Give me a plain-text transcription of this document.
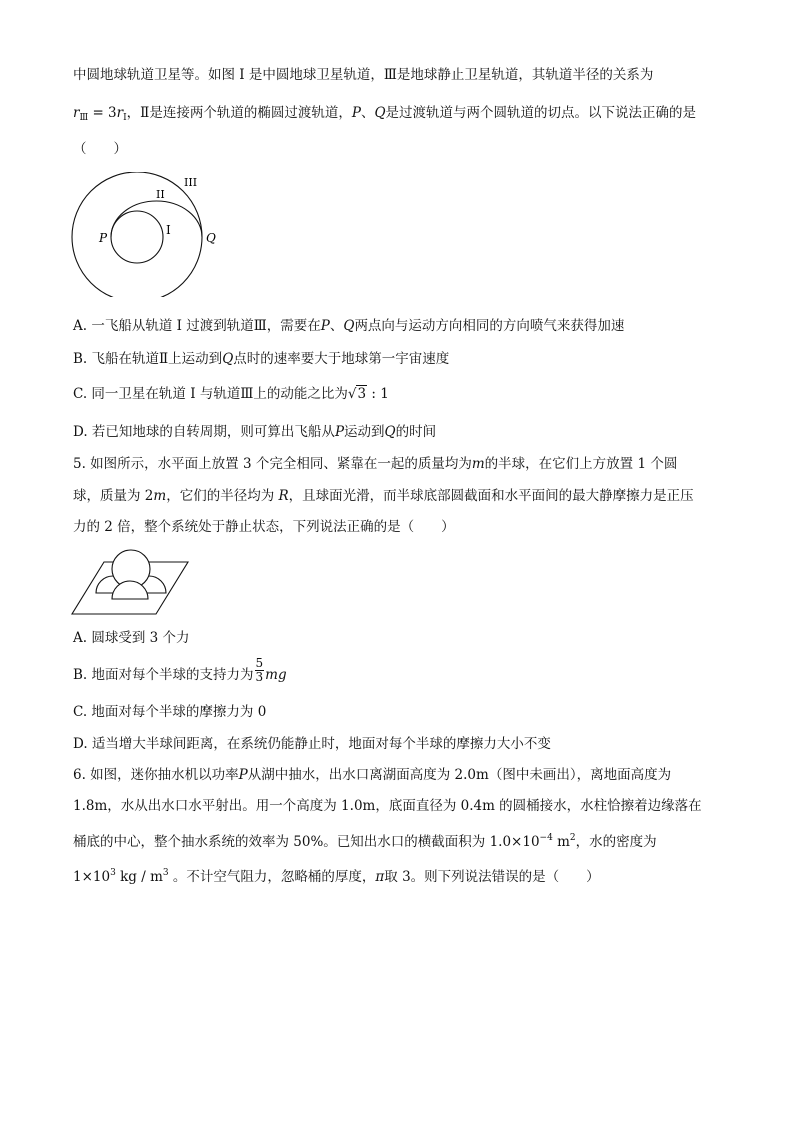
中圆地球轨道卫星等。如图 I 是中圆地球卫星轨道，Ⅲ是地球静止卫星轨道，其轨道半径的关系为
$r_Ⅲ = 3r_Ⅰ$，Ⅱ是连接两个轨道的椭圆过渡轨道，P、Q是过渡轨道与两个圆轨道的切点。以下说法正确的是
（　　）
III
II
I
P	Q
A. 一飞船从轨道 I 过渡到轨道Ⅲ，需要在P、Q两点向与运动方向相同的方向喷气来获得加速
B. 飞船在轨道Ⅱ上运动到Q点时的速率要大于地球第一宇宙速度
C. 同一卫星在轨道 I 与轨道Ⅲ上的动能之比为√3 : 1
D. 若已知地球的自转周期，则可算出飞船从P运动到Q的时间
5. 如图所示，水平面上放置 3 个完全相同、紧靠在一起的质量均为m的半球，在它们上方放置 1 个圆
球，质量为 2m，它们的半径均为 R，且球面光滑，而半球底部圆截面和水平面间的最大静摩擦力是正压
力的 2 倍，整个系统处于静止状态，下列说法正确的是（　　）
A. 圆球受到 3 个力
B. 地面对每个半球的支持力为 $\frac{5}{3}$ mg
C. 地面对每个半球的摩擦力为 0
D. 适当增大半球间距离，在系统仍能静止时，地面对每个半球的摩擦力大小不变
6. 如图，迷你抽水机以功率P从湖中抽水，出水口离湖面高度为 2.0m（图中未画出），离地面高度为
1.8m，水从出水口水平射出。用一个高度为 1.0m，底面直径为 0.4m 的圆桶接水，水柱恰擦着边缘落在
桶底的中心，整个抽水系统的效率为 50%。已知出水口的横截面积为 $1.0\times 10^{-4}$ $m^2$，水的密度为
$1\times 10^3$ kg / $m^3$ 。不计空气阻力，忽略桶的厚度，π取 3。则下列说法错误的是（　　）
